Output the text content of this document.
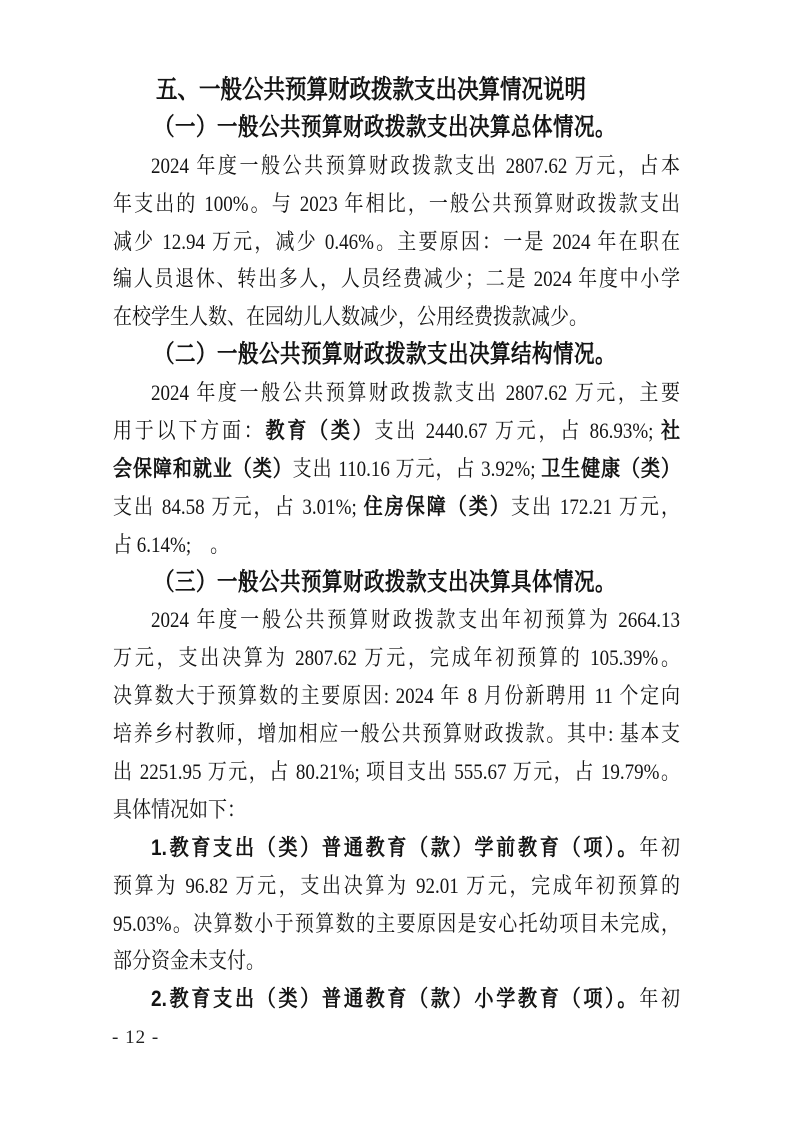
五、一般公共预算财政拨款支出决算情况说明
（一）一般公共预算财政拨款支出决算总体情况。
2024 年度一般公共预算财政拨款支出 2807.62 万元，占本
年支出的 100%。与 2023 年相比，一般公共预算财政拨款支出
减少 12.94 万元，减少 0.46%。主要原因：一是 2024 年在职在
编人员退休、转出多人，人员经费减少；二是 2024 年度中小学
在校学生人数、在园幼儿人数减少，公用经费拨款减少。
（二）一般公共预算财政拨款支出决算结构情况。
2024 年度一般公共预算财政拨款支出 2807.62 万元，主要
用于以下方面：教育（类）支出 2440.67 万元，占 86.93%; 社
会保障和就业（类）支出 110.16 万元，占 3.92%; 卫生健康（类）
支出 84.58 万元，占 3.01%; 住房保障（类）支出 172.21 万元，
占 6.14%;　。
（三）一般公共预算财政拨款支出决算具体情况。
2024 年度一般公共预算财政拨款支出年初预算为 2664.13
万元，支出决算为 2807.62 万元，完成年初预算的 105.39%。
决算数大于预算数的主要原因: 2024 年 8 月份新聘用 11 个定向
培养乡村教师，增加相应一般公共预算财政拨款。其中: 基本支
出 2251.95 万元，占 80.21%; 项目支出 555.67 万元，占 19.79%。
具体情况如下：
1.教育支出（类）普通教育（款）学前教育（项）。年初
预算为 96.82 万元，支出决算为 92.01 万元，完成年初预算的
95.03%。决算数小于预算数的主要原因是安心托幼项目未完成，
部分资金未支付。
2.教育支出（类）普通教育（款）小学教育（项）。年初
- 12 -
